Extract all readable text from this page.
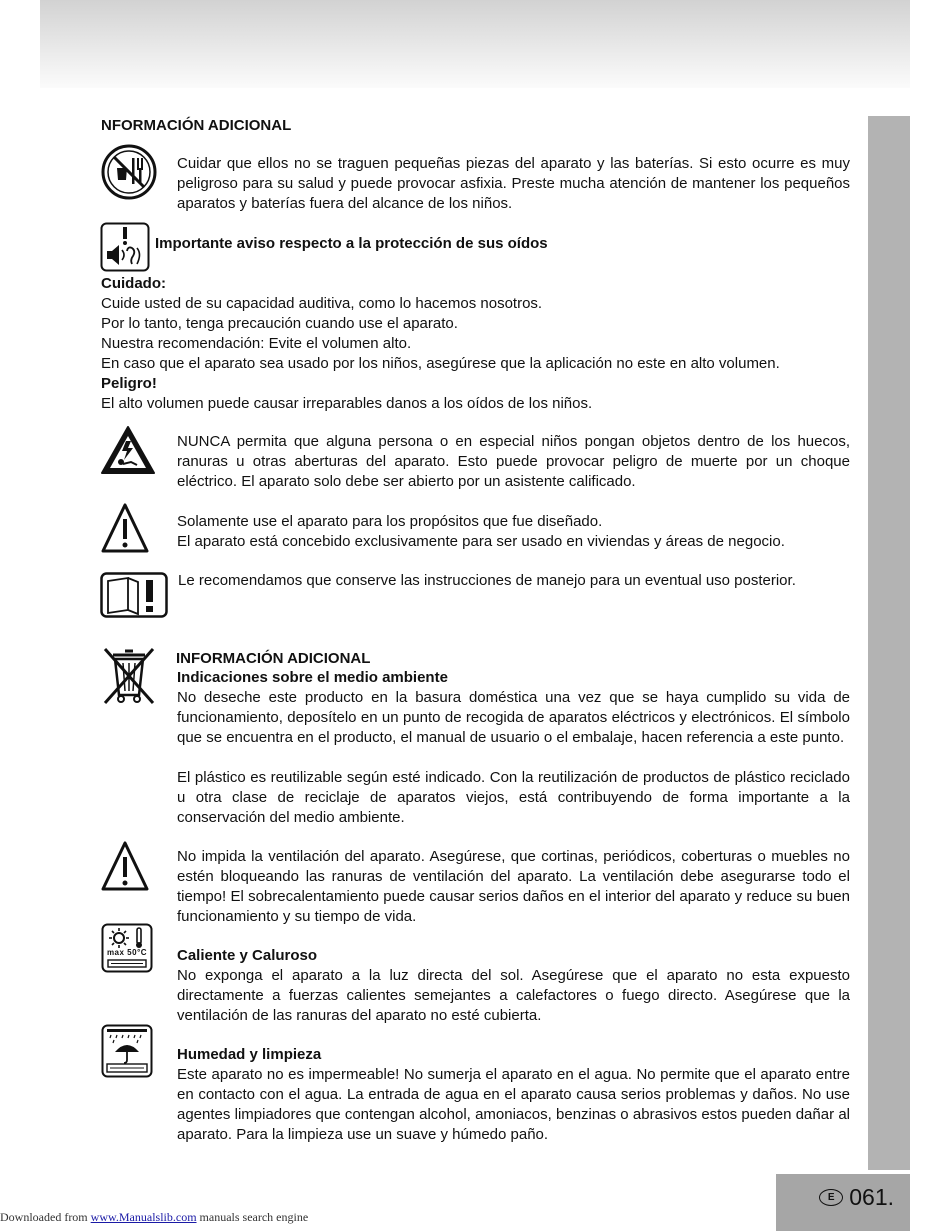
NFORMACIÓN ADICIONAL

Cuidar que ellos no se traguen pequeñas piezas del aparato y las baterías. Si esto ocurre es muy peligroso para su salud y puede provocar asfixia. Preste mucha atención de mantener los pequeños aparatos y baterías fuera del alcance de los niños.

Importante aviso respecto a la protección de sus oídos
Cuidado:
Cuide usted de su capacidad auditiva, como lo hacemos nosotros.
Por lo tanto, tenga precaución cuando use el aparato.
Nuestra recomendación: Evite el volumen alto.
En caso que el aparato sea usado por los niños, asegúrese que la aplicación no este en alto volumen.
Peligro!
El alto volumen puede causar irreparables danos a los oídos de los niños.

NUNCA permita que alguna persona o en especial niños pongan objetos dentro de los huecos, ranuras u otras aberturas del aparato. Esto puede provocar peligro de muerte por un choque eléctrico. El aparato solo debe ser abierto por un asistente calificado.

Solamente use el aparato para los propósitos que fue diseñado.
El aparato está concebido exclusivamente para ser usado en viviendas y áreas de negocio.
Le recomendamos que conserve las instrucciones de manejo para un eventual uso posterior.
INFORMACIÓN ADICIONAL
Indicaciones sobre el medio ambiente

No deseche este producto en la basura doméstica una vez que se haya cumplido su vida de funcionamiento, deposítelo en un punto de recogida de aparatos eléctricos y electrónicos. El símbolo que se encuentra en el producto, el manual de usuario o el embalaje, hacen referencia a este punto.

El plástico es reutilizable según esté indicado. Con la reutilización de productos de plástico reciclado u otra clase de reciclaje de aparatos viejos, está contribuyendo de forma importante a la conservación del medio ambiente.

No impida la ventilación del aparato. Asegúrese, que cortinas, periódicos, coberturas o muebles no estén bloqueando las ranuras de ventilación del aparato. La ventilación debe asegurarse todo el tiempo! El sobrecalentamiento puede causar serios daños en el interior del aparato y reduce su buen funcionamiento y su tiempo de vida.

max 50°C	Caliente y Caluroso

No exponga el aparato a la luz directa del sol. Asegúrese que el aparato no esta expuesto directamente a fuerzas calientes semejantes a calefactores o fuego directo. Asegúrese que la ventilación de las ranuras del aparato no esté cubierta.

Humedad y limpieza

Este aparato no es impermeable! No sumerja el aparato en el agua. No permite que el aparato entre en contacto con el agua. La entrada de agua en el aparato causa serios problemas y daños. No use agentes limpiadores que contengan alcohol, amoniacos, benzinas o abrasivos estos pueden dañar al aparato. Para la limpieza use un suave y húmedo paño.

E 061.
Downloaded from www.Manualslib.com manuals search engine
